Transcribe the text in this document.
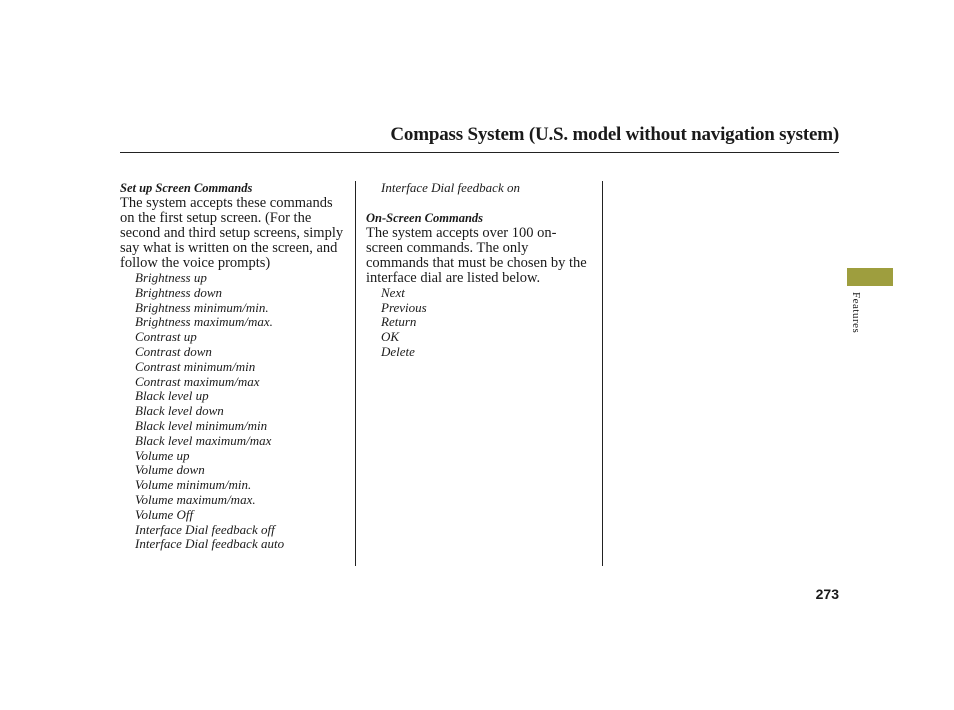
Compass System (U.S. model without navigation system)
Set up Screen Commands

The system accepts these commands on the first setup screen. (For the second and third setup screens, simply say what is written on the screen, and follow the voice prompts)

Brightness up
Brightness down
Brightness minimum/min.
Brightness maximum/max.
Contrast up
Contrast down
Contrast minimum/min
Contrast maximum/max
Black level up
Black level down
Black level minimum/min
Black level maximum/max
Volume up
Volume down
Volume minimum/min.
Volume maximum/max.
Volume Off
Interface Dial feedback off
Interface Dial feedback auto
Interface Dial feedback on
On-Screen Commands

The system accepts over 100 on-screen commands. The only commands that must be chosen by the interface dial are listed below.

Next
Previous
Return
OK
Delete
Features
273
